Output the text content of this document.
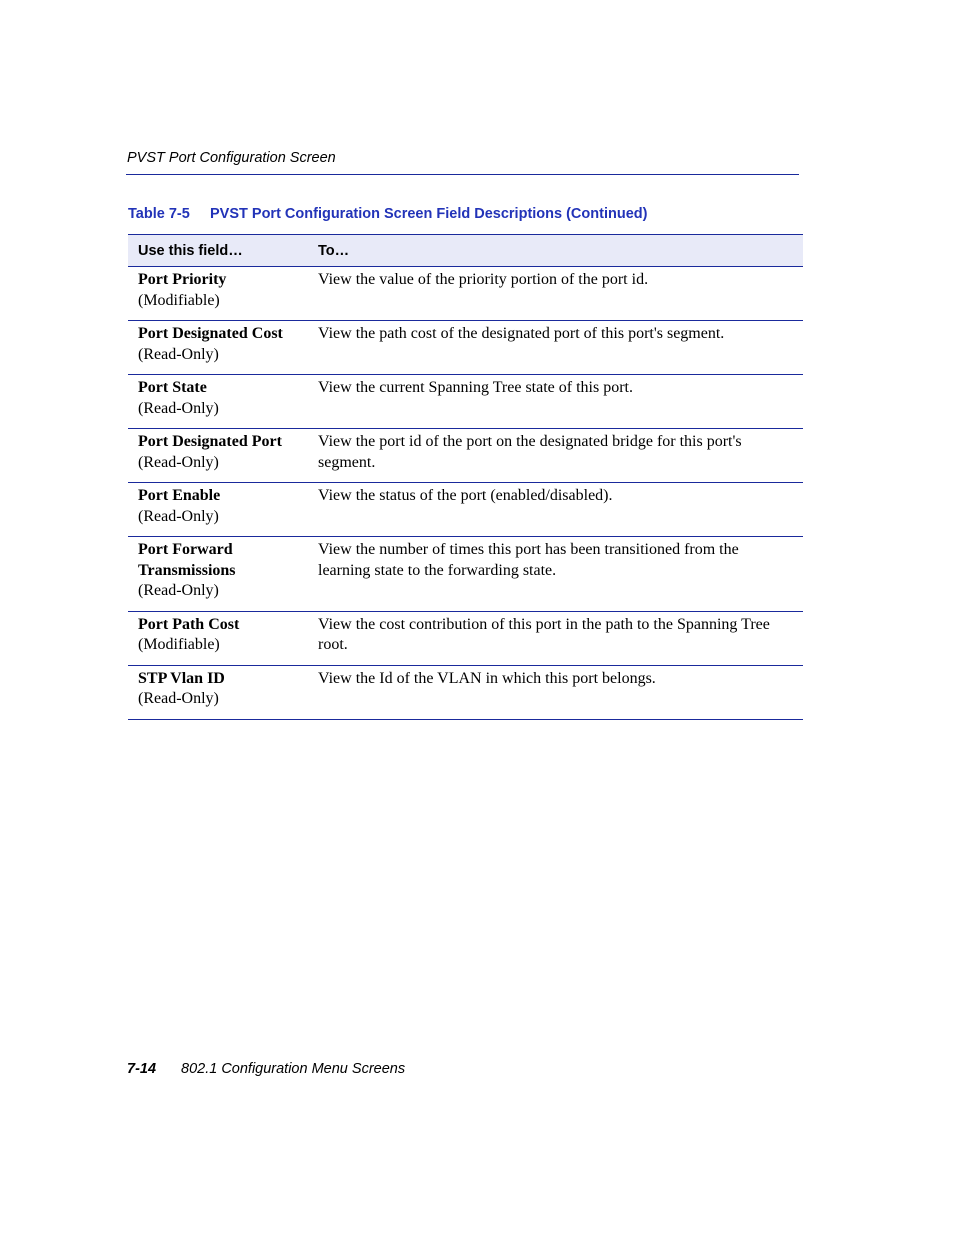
PVST Port Configuration Screen

Table 7-5 PVST Port Configuration Screen Field Descriptions (Continued)

Use this field…	To…

Port Priority
(Modifiable)	View the value of the priority portion of the port id.

Port Designated Cost
(Read-Only)	View the path cost of the designated port of this port's segment.

Port State
(Read-Only)	View the current Spanning Tree state of this port.

Port Designated Port
(Read-Only)	View the port id of the port on the designated bridge for this port's segment.

Port Enable
(Read-Only)	View the status of the port (enabled/disabled).

Port Forward Transmissions
(Read-Only)	View the number of times this port has been transitioned from the learning state to the forwarding state.

Port Path Cost
(Modifiable)	View the cost contribution of this port in the path to the Spanning Tree root.

STP Vlan ID
(Read-Only)	View the Id of the VLAN in which this port belongs.

7-14 802.1 Configuration Menu Screens
